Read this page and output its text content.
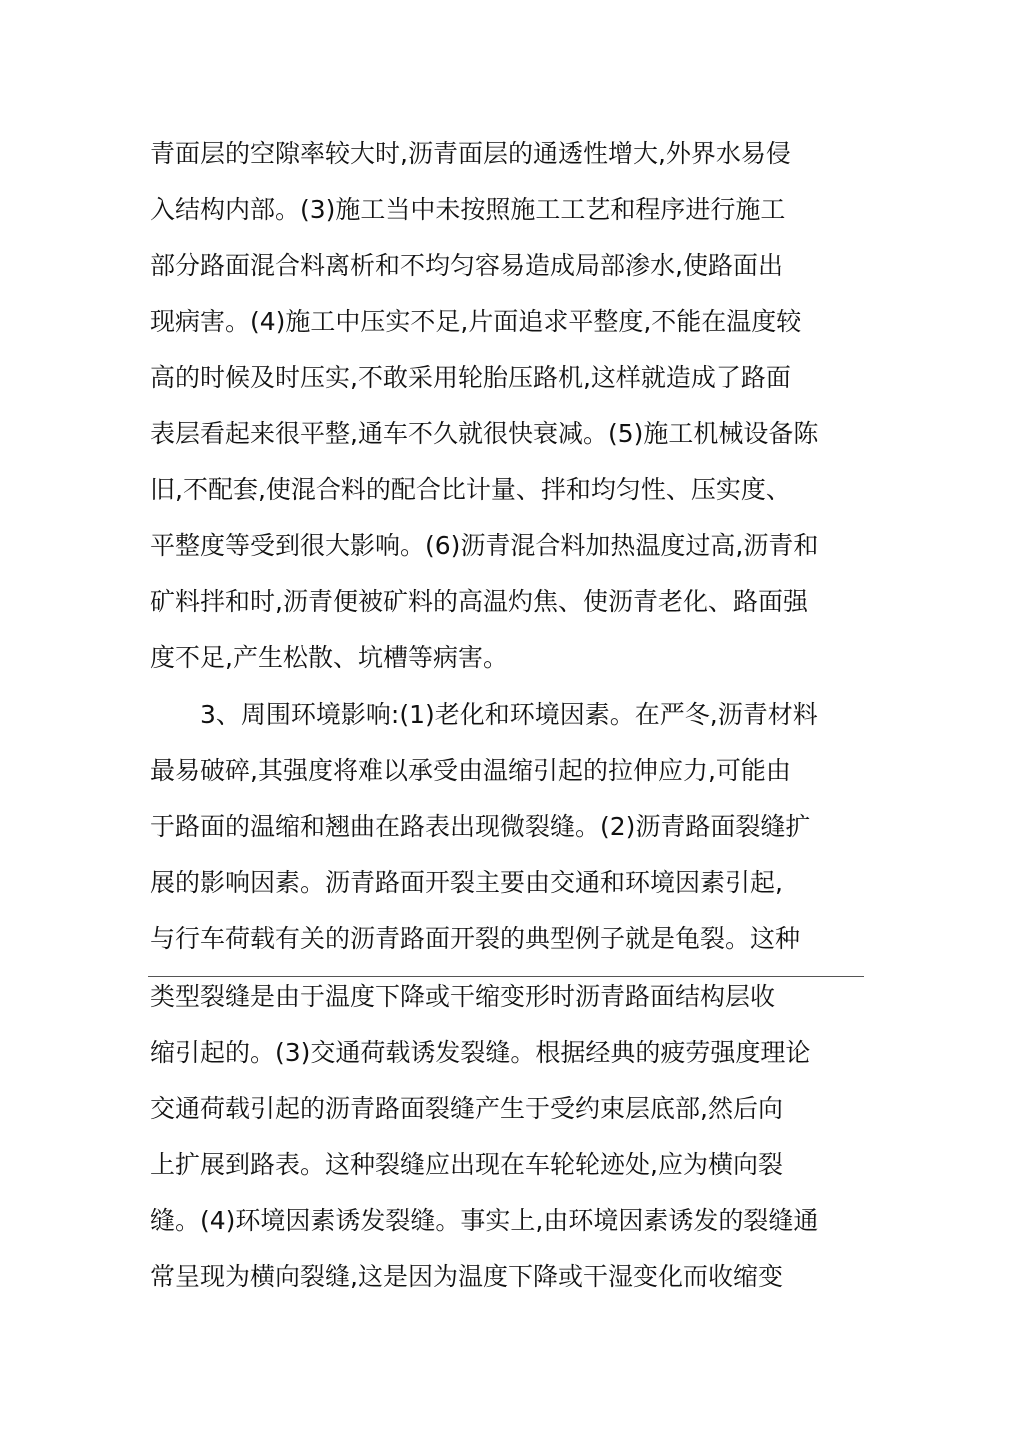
青面层的空隙率较大时,沥青面层的通透性增大,外界水易侵
入结构内部。(3)施工当中未按照施工工艺和程序进行施工
部分路面混合料离析和不均匀容易造成局部渗水,使路面出
现病害。(4)施工中压实不足,片面追求平整度,不能在温度较
高的时候及时压实,不敢采用轮胎压路机,这样就造成了路面
表层看起来很平整,通车不久就很快衰减。(5)施工机械设备陈
旧,不配套,使混合料的配合比计量、拌和均匀性、压实度、
平整度等受到很大影响。(6)沥青混合料加热温度过高,沥青和
矿料拌和时,沥青便被矿料的高温灼焦、使沥青老化、路面强
度不足,产生松散、坑槽等病害。
3、周围环境影响:(1)老化和环境因素。在严冬,沥青材料
最易破碎,其强度将难以承受由温缩引起的拉伸应力,可能由
于路面的温缩和翘曲在路表出现微裂缝。(2)沥青路面裂缝扩
展的影响因素。沥青路面开裂主要由交通和环境因素引起,
与行车荷载有关的沥青路面开裂的典型例子就是龟裂。这种
类型裂缝是由于温度下降或干缩变形时沥青路面结构层收
缩引起的。(3)交通荷载诱发裂缝。根据经典的疲劳强度理论
交通荷载引起的沥青路面裂缝产生于受约束层底部,然后向
上扩展到路表。这种裂缝应出现在车轮轮迹处,应为横向裂
缝。(4)环境因素诱发裂缝。事实上,由环境因素诱发的裂缝通
常呈现为横向裂缝,这是因为温度下降或干湿变化而收缩变
